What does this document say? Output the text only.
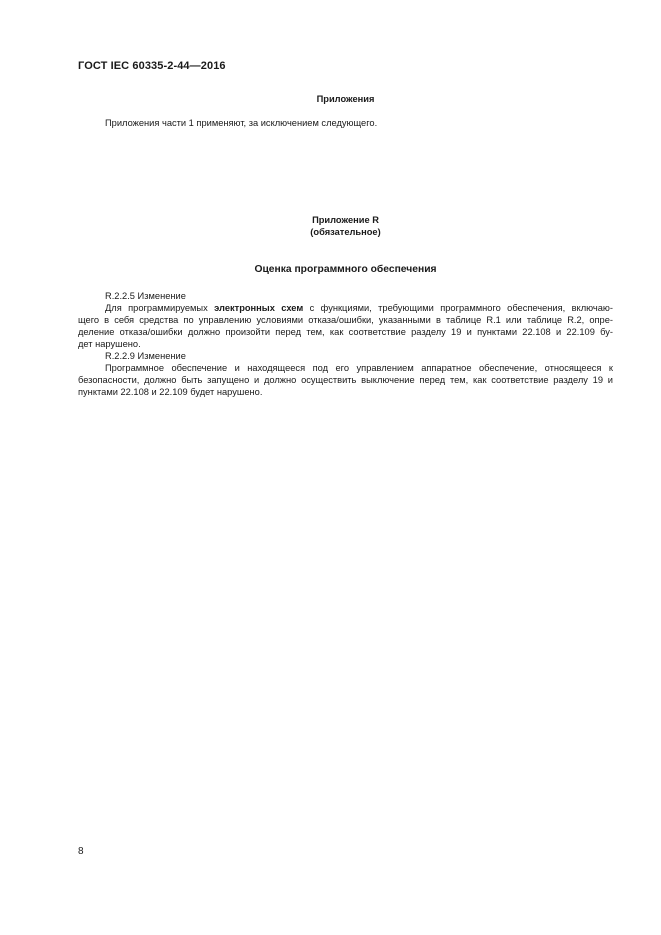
ГОСТ IEC 60335-2-44—2016
Приложения
Приложения части 1 применяют, за исключением следующего.
Приложение R
(обязательное)
Оценка программного обеспечения

R.2.2.5 Изменение

Для программируемых электронных схем с функциями, требующими программного обеспечения, включаю-
щего в себя средства по управлению условиями отказа/ошибки, указанными в таблице R.1 или таблице R.2, опре-
деление отказа/ошибки должно произойти перед тем, как соответствие разделу 19 и пунктами 22.108 и 22.109 бу-
дет нарушено.

R.2.2.9 Изменение

Программное обеспечение и находящееся под его управлением аппаратное обеспечение, относящееся к
безопасности, должно быть запущено и должно осуществить выключение перед тем, как соответствие разделу 19 и
пунктами 22.108 и 22.109 будет нарушено.
8
